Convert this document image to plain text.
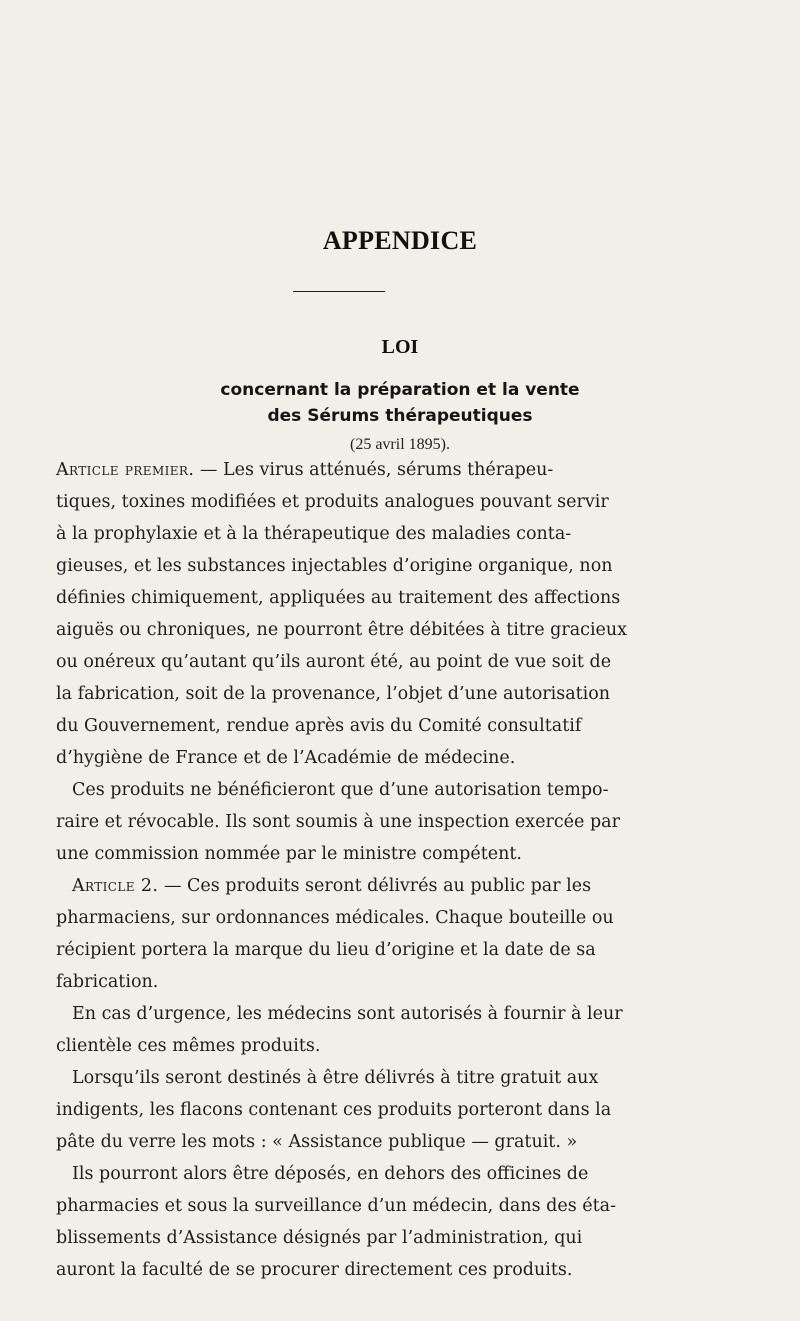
APPENDICE
LOI
concernant la préparation et la vente
des Sérums thérapeutiques
(25 avril 1895).
Article premier. — Les virus atténués, sérums thérapeu-
tiques, toxines modifiées et produits analogues pouvant servir
à la prophylaxie et à la thérapeutique des maladies conta-
gieuses, et les substances injectables d’origine organique, non
définies chimiquement, appliquées au traitement des affections
aiguës ou chroniques, ne pourront être débitées à titre gracieux
ou onéreux qu’autant qu’ils auront été, au point de vue soit de
la fabrication, soit de la provenance, l’objet d’une autorisation
du Gouvernement, rendue après avis du Comité consultatif
d’hygiène de France et de l’Académie de médecine.
Ces produits ne bénéficieront que d’une autorisation tempo-
raire et révocable. Ils sont soumis à une inspection exercée par
une commission nommée par le ministre compétent.
Article 2. — Ces produits seront délivrés au public par les
pharmaciens, sur ordonnances médicales. Chaque bouteille ou
récipient portera la marque du lieu d’origine et la date de sa
fabrication.
En cas d’urgence, les médecins sont autorisés à fournir à leur
clientèle ces mêmes produits.
Lorsqu’ils seront destinés à être délivrés à titre gratuit aux
indigents, les flacons contenant ces produits porteront dans la
pâte du verre les mots : « Assistance publique — gratuit. »
Ils pourront alors être déposés, en dehors des officines de
pharmacies et sous la surveillance d’un médecin, dans des éta-
blissements d’Assistance désignés par l’administration, qui
auront la faculté de se procurer directement ces produits.
